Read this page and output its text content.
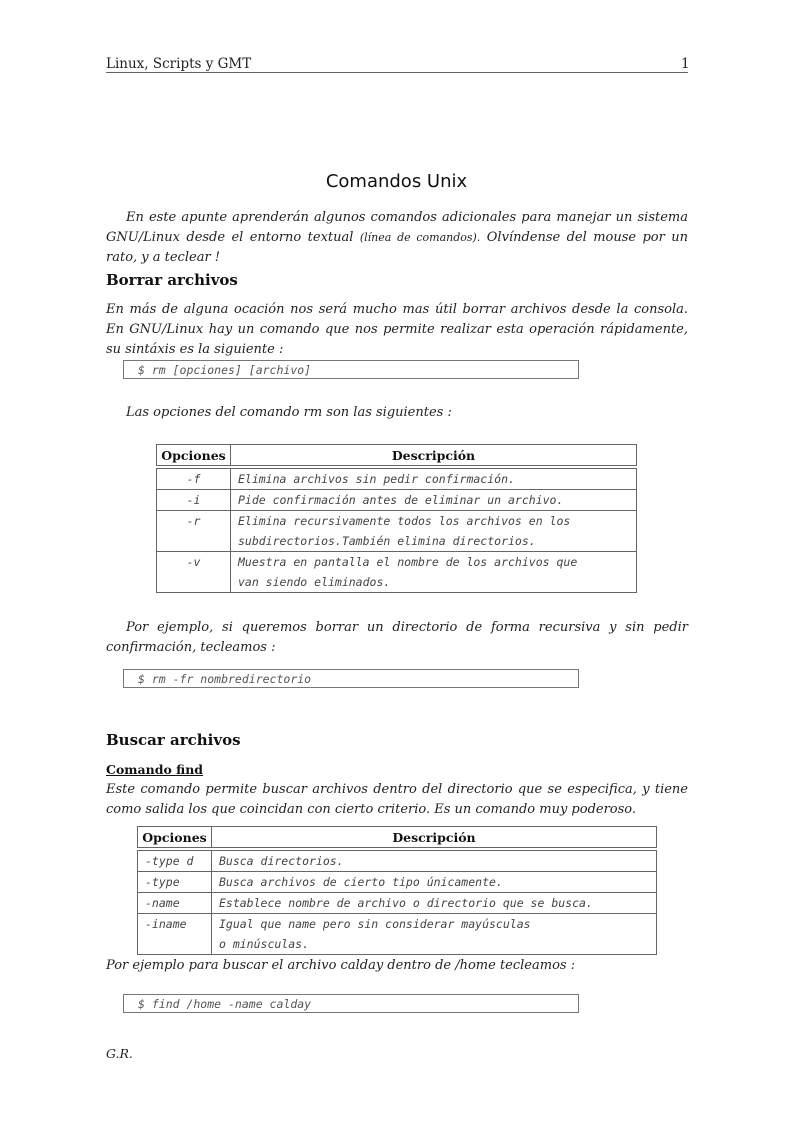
Linux, Scripts y GMT	1
Comandos Unix
En este apunte aprenderán algunos comandos adicionales para manejar un sistema GNU/Linux desde el entorno textual (línea de comandos). Olvíndense del mouse por un rato, y a teclear !
Borrar archivos
En más de alguna ocación nos será mucho mas útil borrar archivos desde la consola. En GNU/Linux hay un comando que nos permite realizar esta operación rápidamente, su sintáxis es la siguiente :
$ rm [opciones] [archivo]
Las opciones del comando rm son las siguientes :
Opciones	Descripción

-f	Elimina archivos sin pedir confirmación.
-i	Pide confirmación antes de eliminar un archivo.
-r	Elimina recursivamente todos los archivos en los
subdirectorios.También elimina directorios.

-v	Muestra en pantalla el nombre de los archivos que
van siendo eliminados.
Por ejemplo, si queremos borrar un directorio de forma recursiva y sin pedir confirmación, tecleamos :
$ rm -fr nombredirectorio
Buscar archivos
Comando find
Este comando permite buscar archivos dentro del directorio que se especifica, y tiene como salida los que coincidan con cierto criterio. Es un comando muy poderoso.
Opciones	Descripción

-type d	Busca directorios.
-type	Busca archivos de cierto tipo únicamente.
-name	Establece nombre de archivo o directorio que se busca.
-iname	Igual que name pero sin considerar mayúsculas
o minúsculas.
Por ejemplo para buscar el archivo calday dentro de /home tecleamos :
$ find /home -name calday
G.R.
